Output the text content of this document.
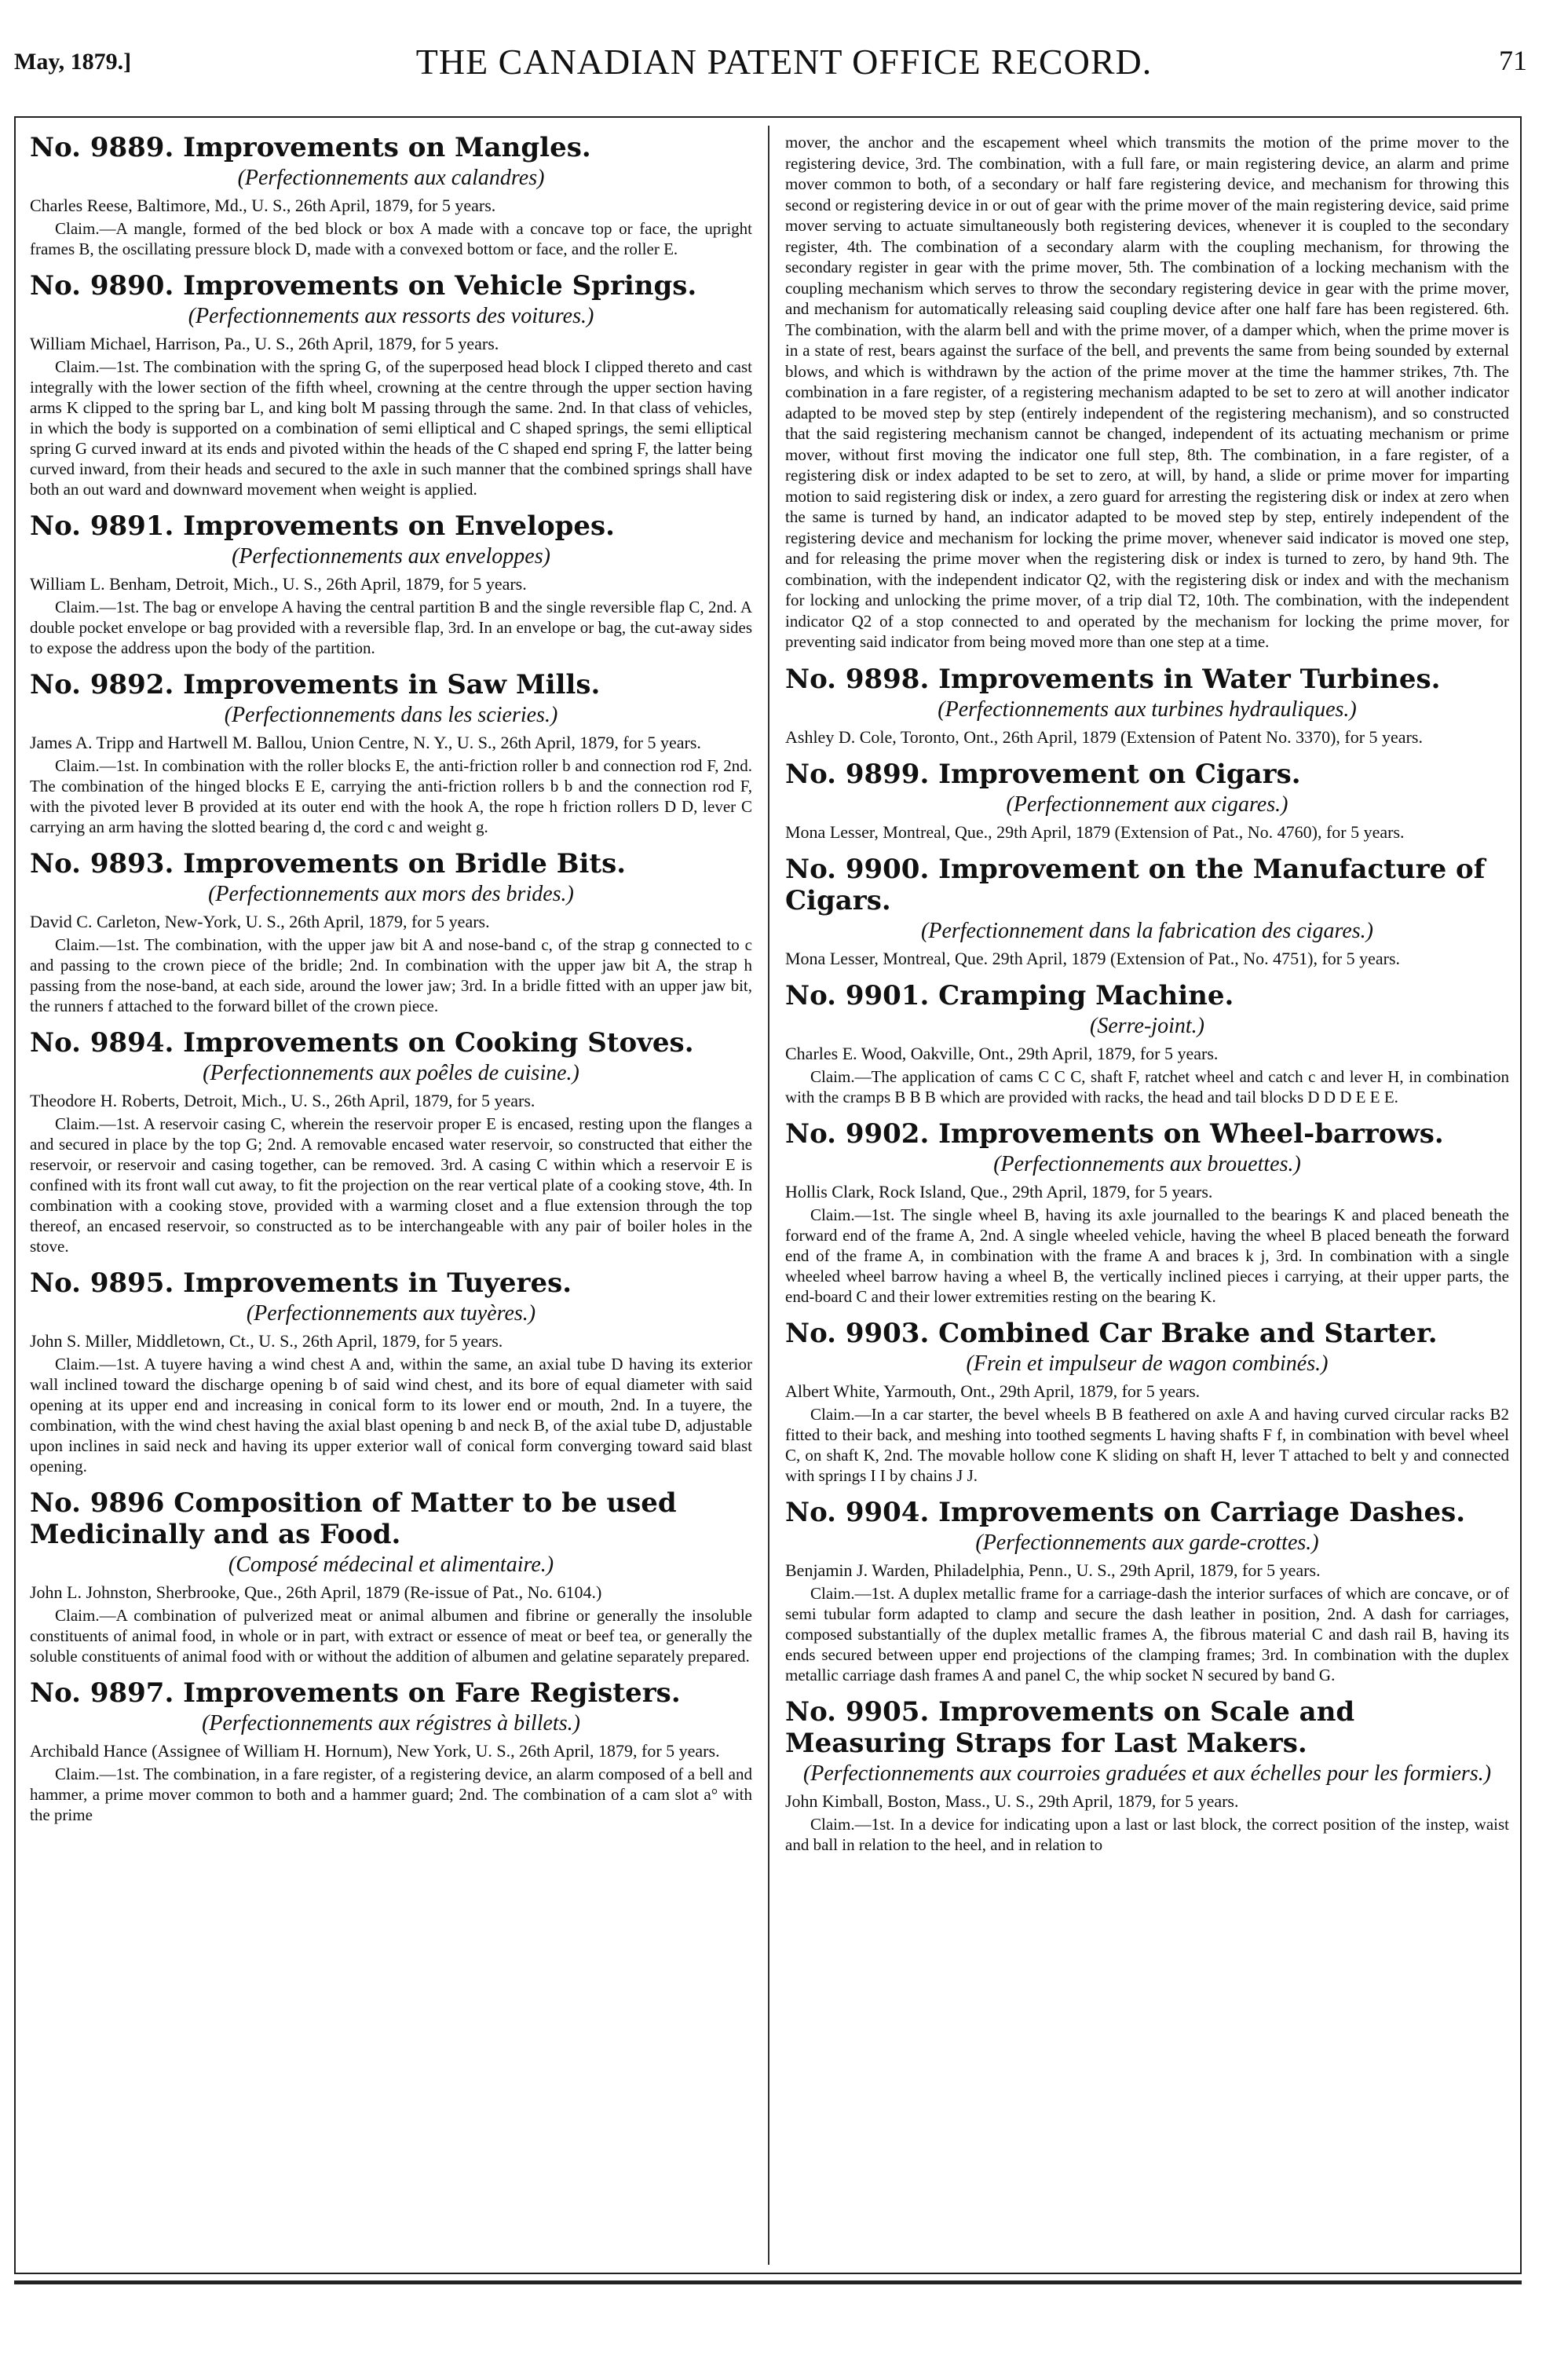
May, 1879.]	THE CANADIAN PATENT OFFICE RECORD.	71
No. 9889. Improvements on Mangles.
(Perfectionnements aux calandres)
Charles Reese, Baltimore, Md., U. S., 26th April, 1879, for 5 years.

Claim.—A mangle, formed of the bed block or box A made with a concave top or face, the upright frames B, the oscillating pressure block D, made with a convexed bottom or face, and the roller E.

No. 9890. Improvements on Vehicle Springs.
(Perfectionnements aux ressorts des voitures.)
William Michael, Harrison, Pa., U. S., 26th April, 1879, for 5 years.

Claim.—1st. The combination with the spring G, of the superposed head block I clipped thereto and cast integrally with the lower section of the fifth wheel, crowning at the centre through the upper section having arms K clipped to the spring bar L, and king bolt M passing through the same. 2nd. In that class of vehicles, in which the body is supported on a combination of semi elliptical and C shaped springs, the semi elliptical spring G curved inward at its ends and pivoted within the heads of the C shaped end spring F, the latter being curved inward, from their heads and secured to the axle in such manner that the combined springs shall have both an out ward and downward movement when weight is applied.

No. 9891. Improvements on Envelopes.
(Perfectionnements aux enveloppes)
William L. Benham, Detroit, Mich., U. S., 26th April, 1879, for 5 years.

Claim.—1st. The bag or envelope A having the central partition B and the single reversible flap C, 2nd. A double pocket envelope or bag provided with a reversible flap, 3rd. In an envelope or bag, the cut-away sides to expose the address upon the body of the partition.

No. 9892. Improvements in Saw Mills.
(Perfectionnements dans les scieries.)
James A. Tripp and Hartwell M. Ballou, Union Centre, N. Y., U. S., 26th April, 1879, for 5 years.

Claim.—1st. In combination with the roller blocks E, the anti-friction roller b and connection rod F, 2nd. The combination of the hinged blocks E E, carrying the anti-friction rollers b b and the connection rod F, with the pivoted lever B provided at its outer end with the hook A, the rope h friction rollers D D, lever C carrying an arm having the slotted bearing d, the cord c and weight g.

No. 9893. Improvements on Bridle Bits.
(Perfectionnements aux mors des brides.)
David C. Carleton, New-York, U. S., 26th April, 1879, for 5 years.

Claim.—1st. The combination, with the upper jaw bit A and nose-band c, of the strap g connected to c and passing to the crown piece of the bridle; 2nd. In combination with the upper jaw bit A, the strap h passing from the nose-band, at each side, around the lower jaw; 3rd. In a bridle fitted with an upper jaw bit, the runners f attached to the forward billet of the crown piece.

No. 9894. Improvements on Cooking Stoves.
(Perfectionnements aux poêles de cuisine.)
Theodore H. Roberts, Detroit, Mich., U. S., 26th April, 1879, for 5 years.

Claim.—1st. A reservoir casing C, wherein the reservoir proper E is encased, resting upon the flanges a and secured in place by the top G; 2nd. A removable encased water reservoir, so constructed that either the reservoir, or reservoir and casing together, can be removed. 3rd. A casing C within which a reservoir E is confined with its front wall cut away, to fit the projection on the rear vertical plate of a cooking stove, 4th. In combination with a cooking stove, provided with a warming closet and a flue extension through the top thereof, an encased reservoir, so constructed as to be interchangeable with any pair of boiler holes in the stove.

No. 9895. Improvements in Tuyeres.
(Perfectionnements aux tuyères.)
John S. Miller, Middletown, Ct., U. S., 26th April, 1879, for 5 years.

Claim.—1st. A tuyere having a wind chest A and, within the same, an axial tube D having its exterior wall inclined toward the discharge opening b of said wind chest, and its bore of equal diameter with said opening at its upper end and increasing in conical form to its lower end or mouth, 2nd. In a tuyere, the combination, with the wind chest having the axial blast opening b and neck B, of the axial tube D, adjustable upon inclines in said neck and having its upper exterior wall of conical form converging toward said blast opening.

No. 9896 Composition of Matter to be used Medicinally and as Food.
(Composé médecinal et alimentaire.)
John L. Johnston, Sherbrooke, Que., 26th April, 1879 (Re-issue of Pat., No. 6104.)

Claim.—A combination of pulverized meat or animal albumen and fibrine or generally the insoluble constituents of animal food, in whole or in part, with extract or essence of meat or beef tea, or generally the soluble constituents of animal food with or without the addition of albumen and gelatine separately prepared.

No. 9897. Improvements on Fare Registers.
(Perfectionnements aux régistres à billets.)
Archibald Hance (Assignee of William H. Hornum), New York, U. S., 26th April, 1879, for 5 years.

Claim.—1st. The combination, in a fare register, of a registering device, an alarm composed of a bell and hammer, a prime mover common to both and a hammer guard; 2nd. The combination of a cam slot a° with the prime

mover, the anchor and the escapement wheel which transmits the motion of the prime mover to the registering device, 3rd. The combination, with a full fare, or main registering device, an alarm and prime mover common to both, of a secondary or half fare registering device, and mechanism for throwing this second or registering device in or out of gear with the prime mover of the main registering device, said prime mover serving to actuate simultaneously both registering devices, whenever it is coupled to the secondary register, 4th. The combination of a secondary alarm with the coupling mechanism, for throwing the secondary register in gear with the prime mover, 5th. The combination of a locking mechanism with the coupling mechanism which serves to throw the secondary registering device in gear with the prime mover, and mechanism for automatically releasing said coupling device after one half fare has been registered. 6th. The combination, with the alarm bell and with the prime mover, of a damper which, when the prime mover is in a state of rest, bears against the surface of the bell, and prevents the same from being sounded by external blows, and which is withdrawn by the action of the prime mover at the time the hammer strikes, 7th. The combination in a fare register, of a registering mechanism adapted to be set to zero at will another indicator adapted to be moved step by step (entirely independent of the registering mechanism), and so constructed that the said registering mechanism cannot be changed, independent of its actuating mechanism or prime mover, without first moving the indicator one full step, 8th. The combination, in a fare register, of a registering disk or index adapted to be set to zero, at will, by hand, a slide or prime mover for imparting motion to said registering disk or index, a zero guard for arresting the registering disk or index at zero when the same is turned by hand, an indicator adapted to be moved step by step, entirely independent of the registering device and mechanism for locking the prime mover, whenever said indicator is moved one step, and for releasing the prime mover when the registering disk or index is turned to zero, by hand 9th. The combination, with the independent indicator Q2, with the registering disk or index and with the mechanism for locking and unlocking the prime mover, of a trip dial T2, 10th. The combination, with the independent indicator Q2 of a stop connected to and operated by the mechanism for locking the prime mover, for preventing said indicator from being moved more than one step at a time.

No. 9898. Improvements in Water Turbines.
(Perfectionnements aux turbines hydrauliques.)
Ashley D. Cole, Toronto, Ont., 26th April, 1879 (Extension of Patent No. 3370), for 5 years.
No. 9899. Improvement on Cigars.
(Perfectionnement aux cigares.)
Mona Lesser, Montreal, Que., 29th April, 1879 (Extension of Pat., No. 4760), for 5 years.
No. 9900. Improvement on the Manufacture of Cigars.
(Perfectionnement dans la fabrication des cigares.)
Mona Lesser, Montreal, Que. 29th April, 1879 (Extension of Pat., No. 4751), for 5 years.
No. 9901. Cramping Machine.
(Serre-joint.)
Charles E. Wood, Oakville, Ont., 29th April, 1879, for 5 years.

Claim.—The application of cams C C C, shaft F, ratchet wheel and catch c and lever H, in combination with the cramps B B B which are provided with racks, the head and tail blocks D D D E E E.

No. 9902. Improvements on Wheel-barrows.
(Perfectionnements aux brouettes.)
Hollis Clark, Rock Island, Que., 29th April, 1879, for 5 years.

Claim.—1st. The single wheel B, having its axle journalled to the bearings K and placed beneath the forward end of the frame A, 2nd. A single wheeled vehicle, having the wheel B placed beneath the forward end of the frame A, in combination with the frame A and braces k j, 3rd. In combination with a single wheeled wheel barrow having a wheel B, the vertically inclined pieces i carrying, at their upper parts, the end-board C and their lower extremities resting on the bearing K.

No. 9903. Combined Car Brake and Starter.
(Frein et impulseur de wagon combinés.)
Albert White, Yarmouth, Ont., 29th April, 1879, for 5 years.

Claim.—In a car starter, the bevel wheels B B feathered on axle A and having curved circular racks B2 fitted to their back, and meshing into toothed segments L having shafts F f, in combination with bevel wheel C, on shaft K, 2nd. The movable hollow cone K sliding on shaft H, lever T attached to belt y and connected with springs I I by chains J J.

No. 9904. Improvements on Carriage Dashes.
(Perfectionnements aux garde-crottes.)
Benjamin J. Warden, Philadelphia, Penn., U. S., 29th April, 1879, for 5 years.

Claim.—1st. A duplex metallic frame for a carriage-dash the interior surfaces of which are concave, or of semi tubular form adapted to clamp and secure the dash leather in position, 2nd. A dash for carriages, composed substantially of the duplex metallic frames A, the fibrous material C and dash rail B, having its ends secured between upper end projections of the clamping frames; 3rd. In combination with the duplex metallic carriage dash frames A and panel C, the whip socket N secured by band G.

No. 9905. Improvements on Scale and Measuring Straps for Last Makers.
(Perfectionnements aux courroies graduées et aux échelles pour les formiers.)
John Kimball, Boston, Mass., U. S., 29th April, 1879, for 5 years.

Claim.—1st. In a device for indicating upon a last or last block, the correct position of the instep, waist and ball in relation to the heel, and in relation to
